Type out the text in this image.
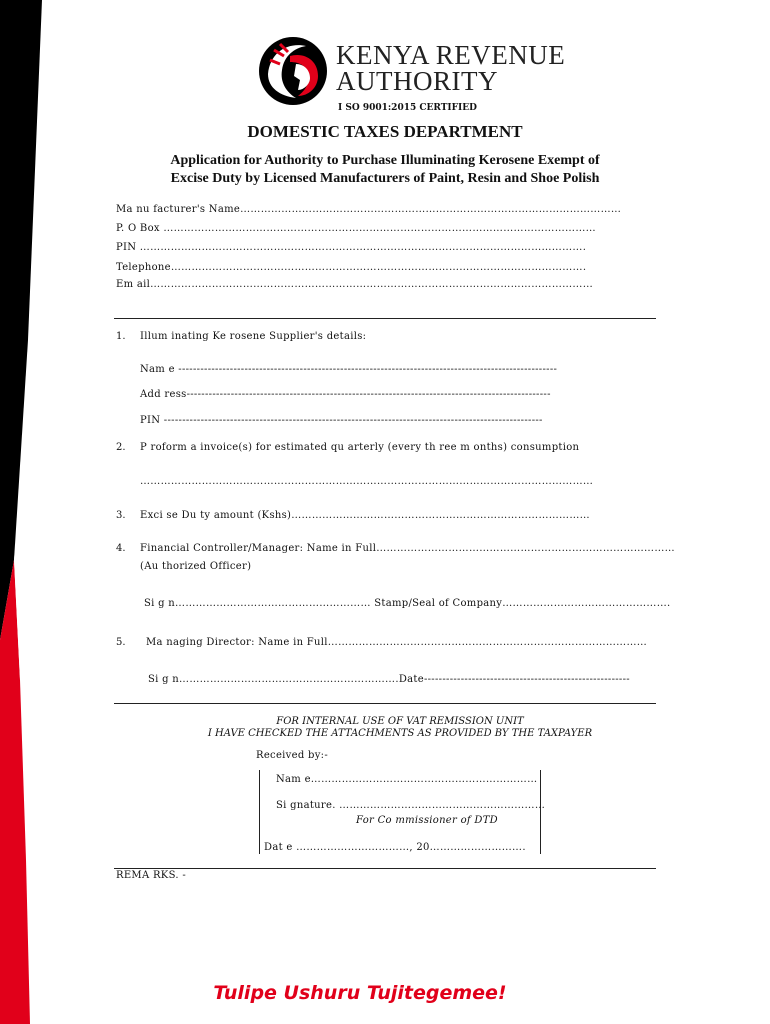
KENYA REVENUE
AUTHORITY
I SO 9001:2015 CERTIFIED
DOMESTIC TAXES DEPARTMENT
Application for Authority to Purchase Illuminating Kerosene Exempt of
Excise Duty by Licensed Manufacturers of Paint, Resin and Shoe Polish
Ma nu facturer's Name…………………………………………………………………………………………………
P. O Box ………………………………………………………………………………………………………………
PIN ………………………………………………………………………………………………………………….
Telephone………………………………………………………………………………………………………….
Em ail…………………………………………………………………………………………………………………
1. Illum inating Ke rosene Supplier's details:
Nam e -------------------------------------------------------------------------------------------------------
Add ress---------------------------------------------------------------------------------------------------
PIN -------------------------------------------------------------------------------------------------------
2. P roform a invoice(s) for estimated qu arterly (every th ree m onths) consumption
……………………………………………………………………………………………………………………
3. Exci se Du ty amount (Kshs)……………………………………………………………………………
4. Financial Controller/Manager: Name in Full……………………………………………………………………………
(Au thorized Officer)
Si g n………………………………………………… Stamp/Seal of Company………………………………………….
5. Ma naging Director: Name in Full…………………………………………………………………………………
Si g n……………………………………………………….Date--------------------------------------------------------
FOR INTERNAL USE OF VAT REMISSION UNIT
I HAVE CHECKED THE ATTACHMENTS AS PROVIDED BY THE TAXPAYER
Received by:-
Nam e…………………………………………………………
Si gnature. ……………………………………………………
For Co mmissioner of DTD
Dat e ……………………………, 20……………………….
REMA RKS. -
Tulipe Ushuru Tujitegemee!
